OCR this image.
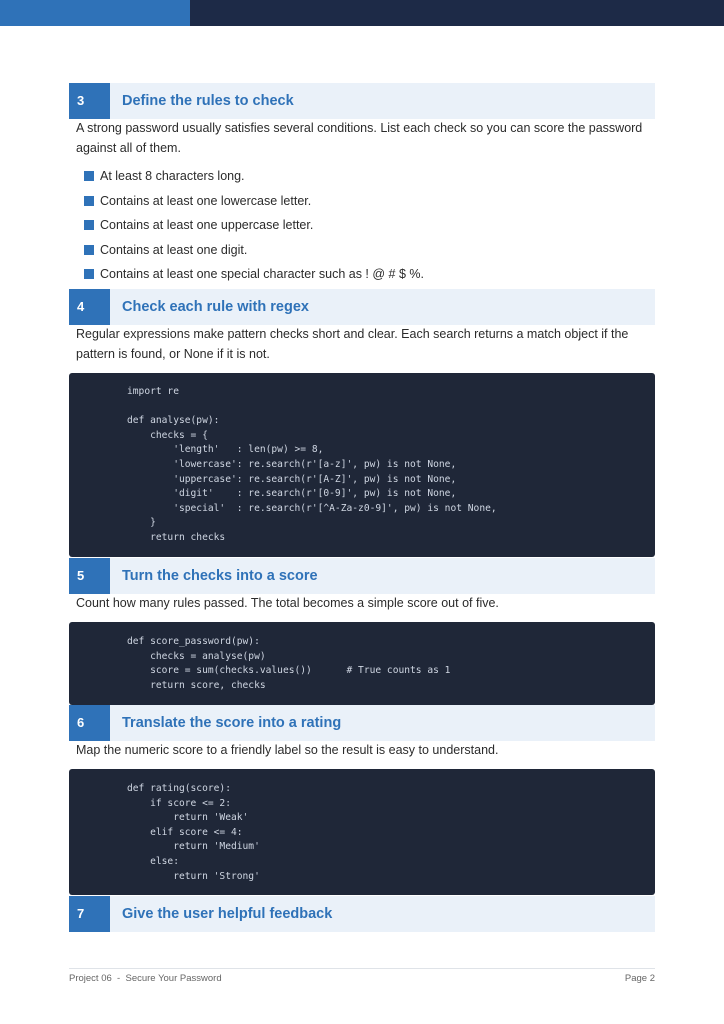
3	Define the rules to check

A strong password usually satisfies several conditions. List each check so you can score the password against all of them.

At least 8 characters long.
Contains at least one lowercase letter.
Contains at least one uppercase letter.
Contains at least one digit.
Contains at least one special character such as ! @ # $ %.
4	Check each rule with regex

Regular expressions make pattern checks short and clear. Each search returns a match object if the pattern is found, or None if it is not.

import re

def analyse(pw):
checks = {
'length'   : len(pw) >= 8,
'lowercase': re.search(r'[a-z]', pw) is not None,
'uppercase': re.search(r'[A-Z]', pw) is not None,
'digit'    : re.search(r'[0-9]', pw) is not None,
'special'  : re.search(r'[^A-Za-z0-9]', pw) is not None,
}
return checks
5	Turn the checks into a score

Count how many rules passed. The total becomes a simple score out of five.

def score_password(pw):
checks = analyse(pw)
score = sum(checks.values())      # True counts as 1
return score, checks
6	Translate the score into a rating

Map the numeric score to a friendly label so the result is easy to understand.

def rating(score):
if score <= 2:
return 'Weak'
elif score <= 4:
return 'Medium'
else:
return 'Strong'
7	Give the user helpful feedback
Project 06  -  Secure Your Password	Page 2
